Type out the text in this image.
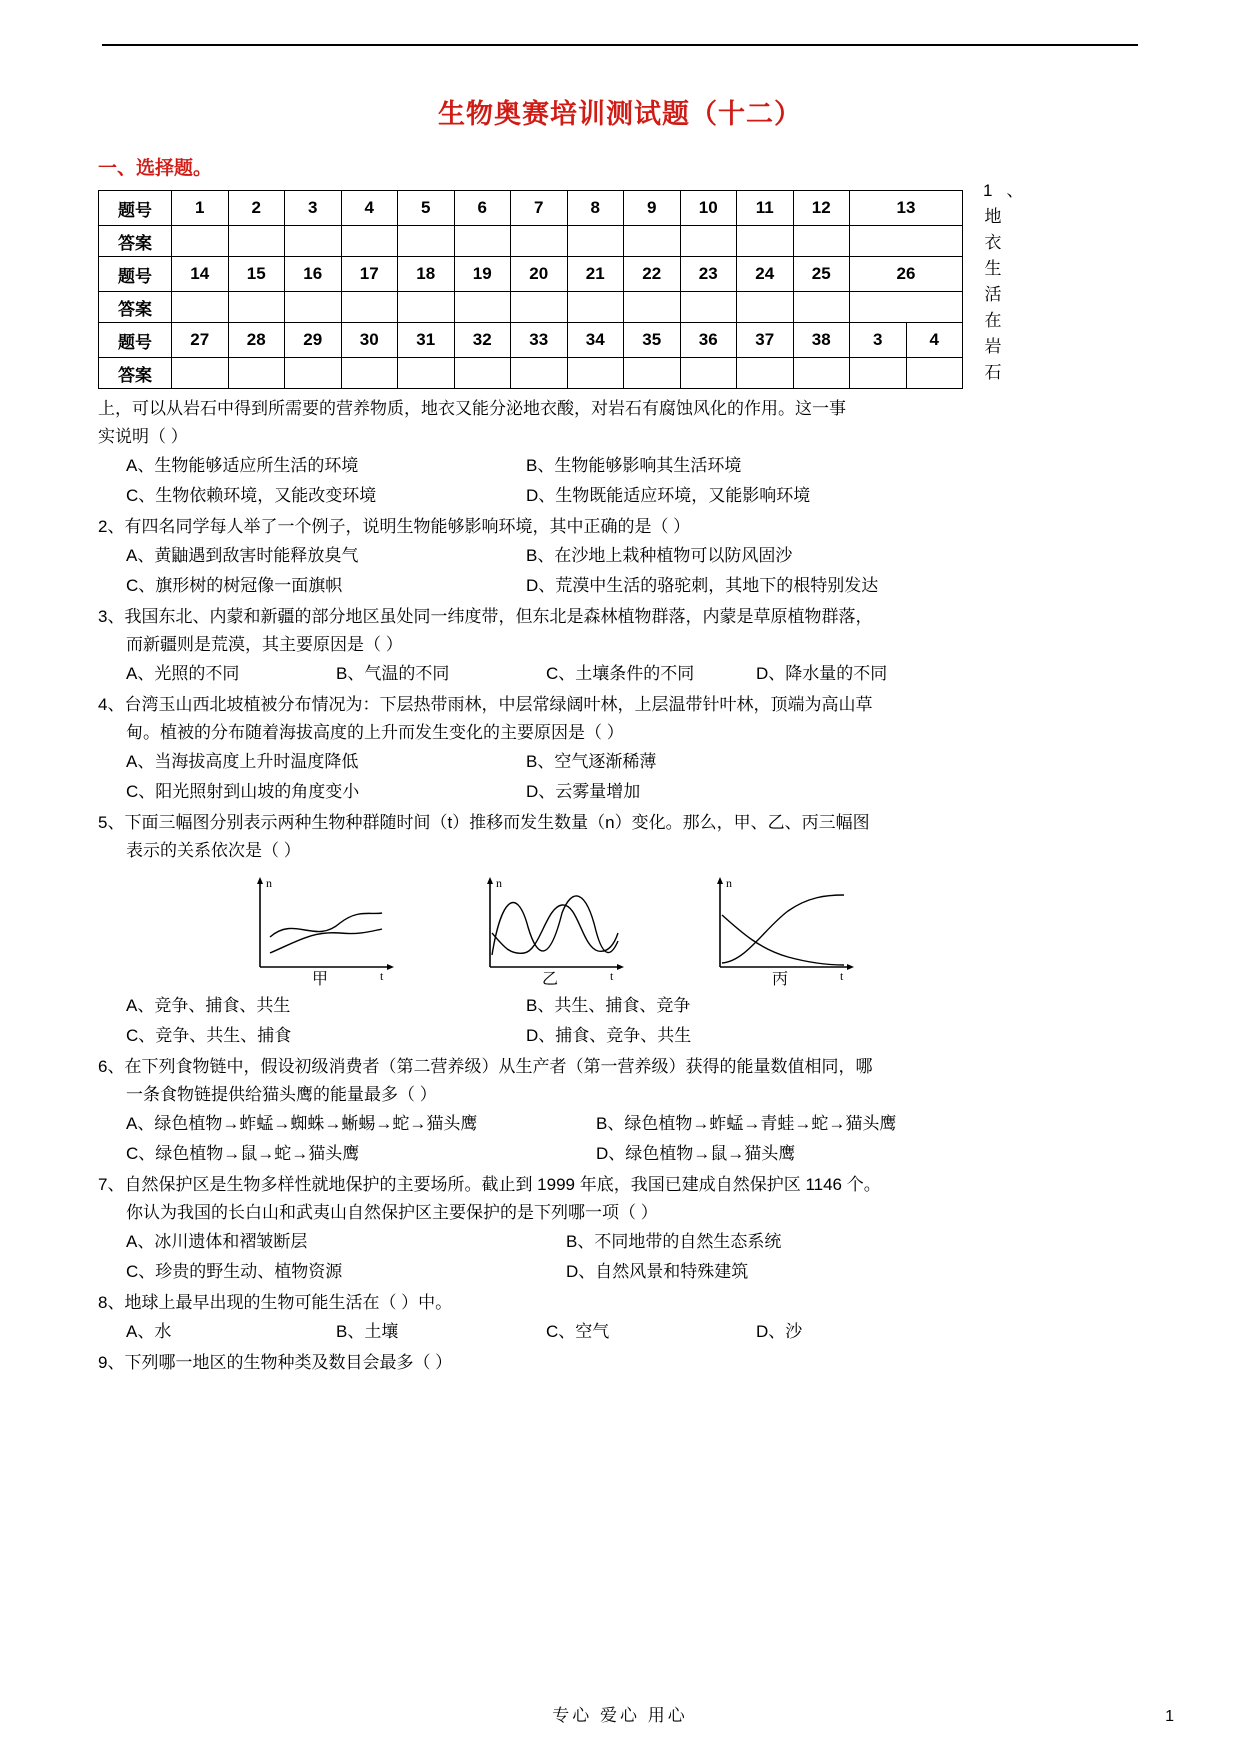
生物奥赛培训测试题（十二）
一、选择题。
题号	1	2	3	4	5	6	7	8	9	10	11	12	13	
答案														
题号	14	15	16	17	18	19	20	21	22	23	24	25	26	
答案														
题号	27	28	29	30	31	32	33	34	35	36	37	38	3	4
答案														
1 、
地
衣
生
活
在
岩
石
上，可以从岩石中得到所需要的营养物质，地衣又能分泌地衣酸，对岩石有腐蚀风化的作用。这一事
实说明（ ）
A、生物能够适应所生活的环境	B、生物能够影响其生活环境
C、生物依赖环境，又能改变环境	D、生物既能适应环境，又能影响环境
2、有四名同学每人举了一个例子，说明生物能够影响环境，其中正确的是（ ）
A、黄鼬遇到敌害时能释放臭气	B、在沙地上栽种植物可以防风固沙
C、旗形树的树冠像一面旗帜	D、荒漠中生活的骆驼刺，其地下的根特别发达
3、我国东北、内蒙和新疆的部分地区虽处同一纬度带，但东北是森林植物群落，内蒙是草原植物群落，
而新疆则是荒漠，其主要原因是（ ）
A、光照的不同	B、气温的不同	C、土壤条件的不同	D、降水量的不同
4、台湾玉山西北坡植被分布情况为：下层热带雨林，中层常绿阔叶林，上层温带针叶林，顶端为高山草
甸。植被的分布随着海拔高度的上升而发生变化的主要原因是（ ）
A、当海拔高度上升时温度降低	B、空气逐渐稀薄
C、阳光照射到山坡的角度变小	D、云雾量增加
5、下面三幅图分别表示两种生物种群随时间（t）推移而发生数量（n）变化。那么，甲、乙、丙三幅图
表示的关系依次是（ ）
n
t
甲
n
t
乙
n
t
丙
A、竞争、捕食、共生	B、共生、捕食、竞争
C、竞争、共生、捕食	D、捕食、竞争、共生
6、在下列食物链中，假设初级消费者（第二营养级）从生产者（第一营养级）获得的能量数值相同，哪
一条食物链提供给猫头鹰的能量最多（ ）
A、绿色植物→蚱蜢→蜘蛛→蜥蜴→蛇→猫头鹰	B、绿色植物→蚱蜢→青蛙→蛇→猫头鹰
C、绿色植物→鼠→蛇→猫头鹰	D、绿色植物→鼠→猫头鹰
7、自然保护区是生物多样性就地保护的主要场所。截止到 1999 年底，我国已建成自然保护区 1146 个。
你认为我国的长白山和武夷山自然保护区主要保护的是下列哪一项（ ）
A、冰川遗体和褶皱断层	B、不同地带的自然生态系统
C、珍贵的野生动、植物资源	D、自然风景和特殊建筑
8、地球上最早出现的生物可能生活在（ ）中。
A、水	B、土壤	C、空气	D、沙
9、下列哪一地区的生物种类及数目会最多（ ）
专心 爱心 用心	1
